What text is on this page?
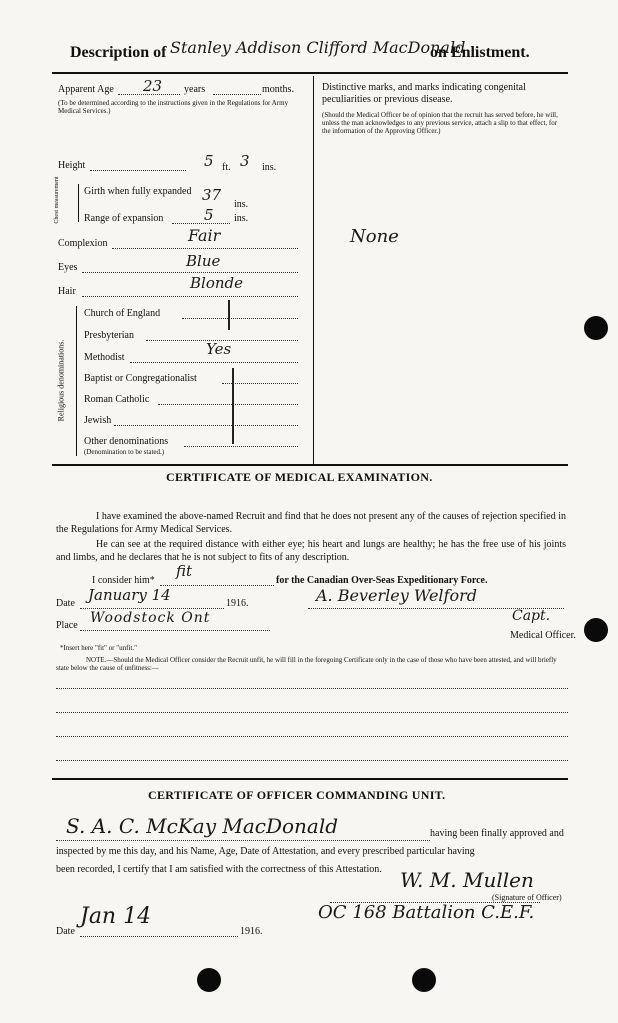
Description of Stanley Addison Clifford MacDonald
on Enlistment.
Apparent Age 23 years	months.
(To be determined according to the instructions given in the Regulations for Army Medical Services.)
Height	5 ft. 3 ins.
Chest measurement Girth when fully expanded 37
ins.
Range of expansion	5 ins.
Complexion	Fair
Eyes	Blue
Hair	Blonde
Religious denominations.
Church of England
Presbyterian
Methodist	Yes
Baptist or Congregationalist
Roman Catholic
Jewish
Other denominations
(Denomination to be stated.)
Distinctive marks, and marks indicating congenital peculiarities or previous disease.
(Should the Medical Officer be of opinion that the recruit has served before, he will, unless the man acknowledges to any previous service, attach a slip to that effect, for the information of the Approving Officer.)
None
CERTIFICATE OF MEDICAL EXAMINATION.
I have examined the above-named Recruit and find that he does not present any of the causes of rejection specified in the Regulations for Army Medical Services.
He can see at the required distance with either eye; his heart and lungs are healthy; he has the free use of his joints and limbs, and he declares that he is not subject to fits of any description.
I consider him*
fit
for the Canadian Over-Seas Expeditionary Force.
Date January 14	1916.	A. Beverley Welford
Place Woodstock Ont	Capt.
Medical Officer.
*Insert here "fit" or "unfit."
NOTE.—Should the Medical Officer consider the Recruit unfit, he will fill in the foregoing Certificate only in the case of those who have been attested, and will briefly state below the cause of unfitness:—
CERTIFICATE OF OFFICER COMMANDING UNIT.
S. A. C. McKay MacDonald	having been finally approved and
inspected by me this day, and his Name, Age, Date of Attestation, and every prescribed particular having
been recorded, I certify that I am satisfied with the correctness of this Attestation. W. M. Mullen
(Signature of Officer)
OC 168 Battalion C.E.F.
Date
Jan 14
1916.
